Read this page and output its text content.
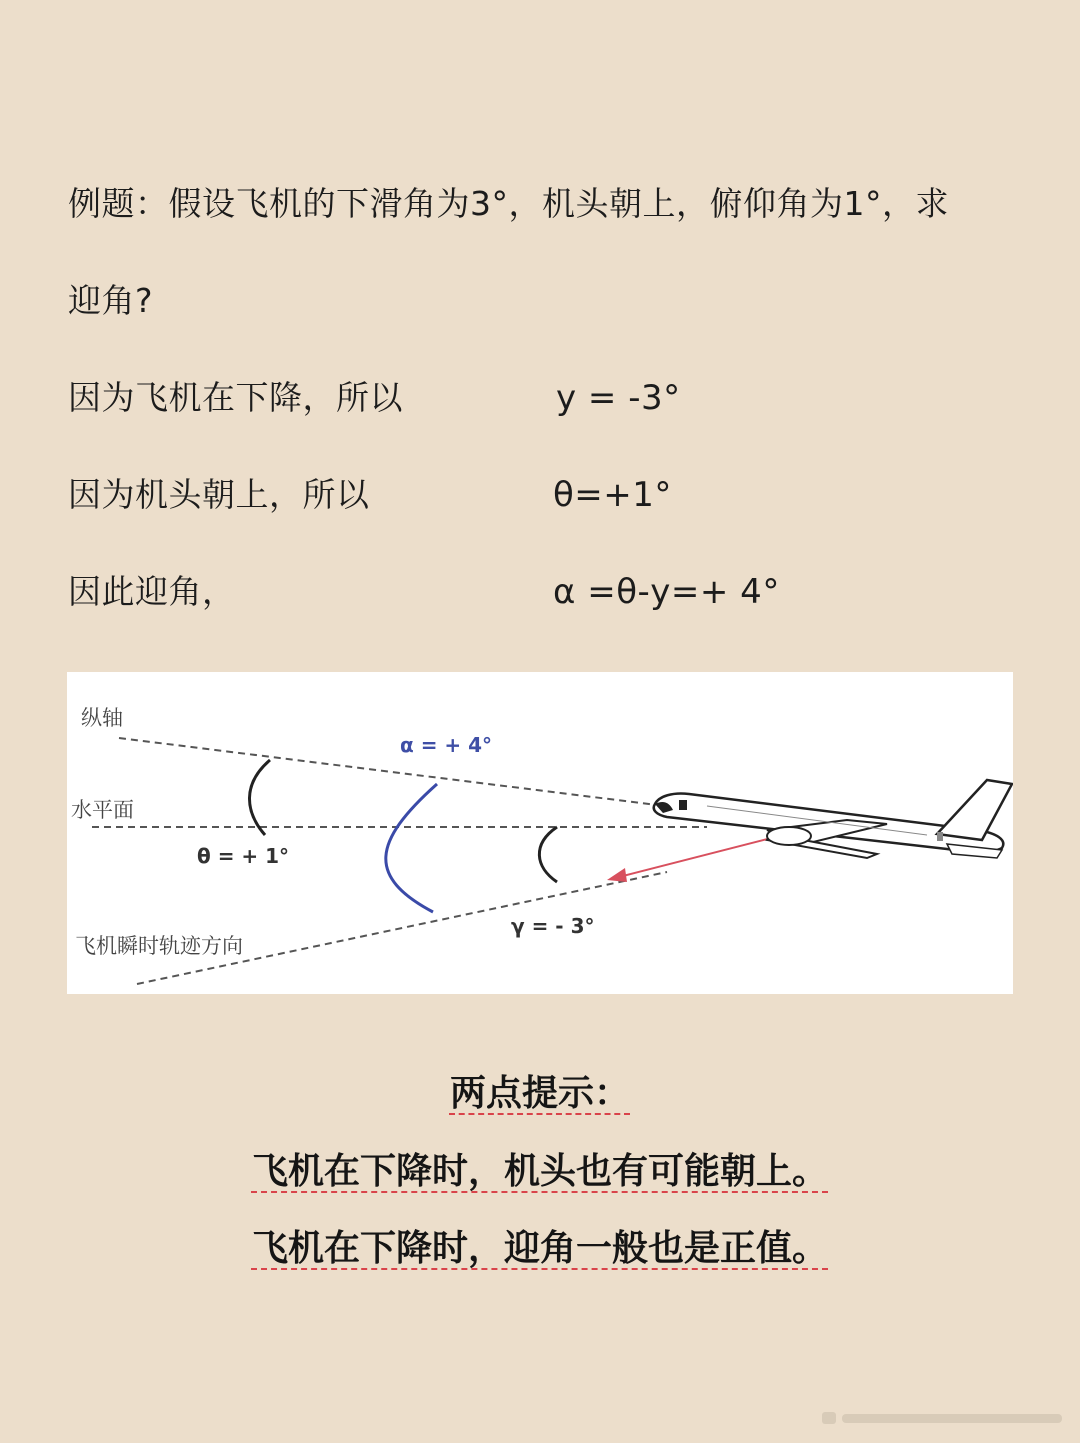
例题：假设飞机的下滑角为3°，机头朝上，俯仰角为1°，求
迎角?
因为飞机在下降，所以	y = -3°
因为机头朝上，所以	θ=+1°
因此迎角，	α =θ-y=+ 4°
纵轴
水平面
飞机瞬时轨迹方向
θ = + 1°
α = + 4°
γ = - 3°
两点提示：
飞机在下降时，机头也有可能朝上。
飞机在下降时，迎角一般也是正值。
